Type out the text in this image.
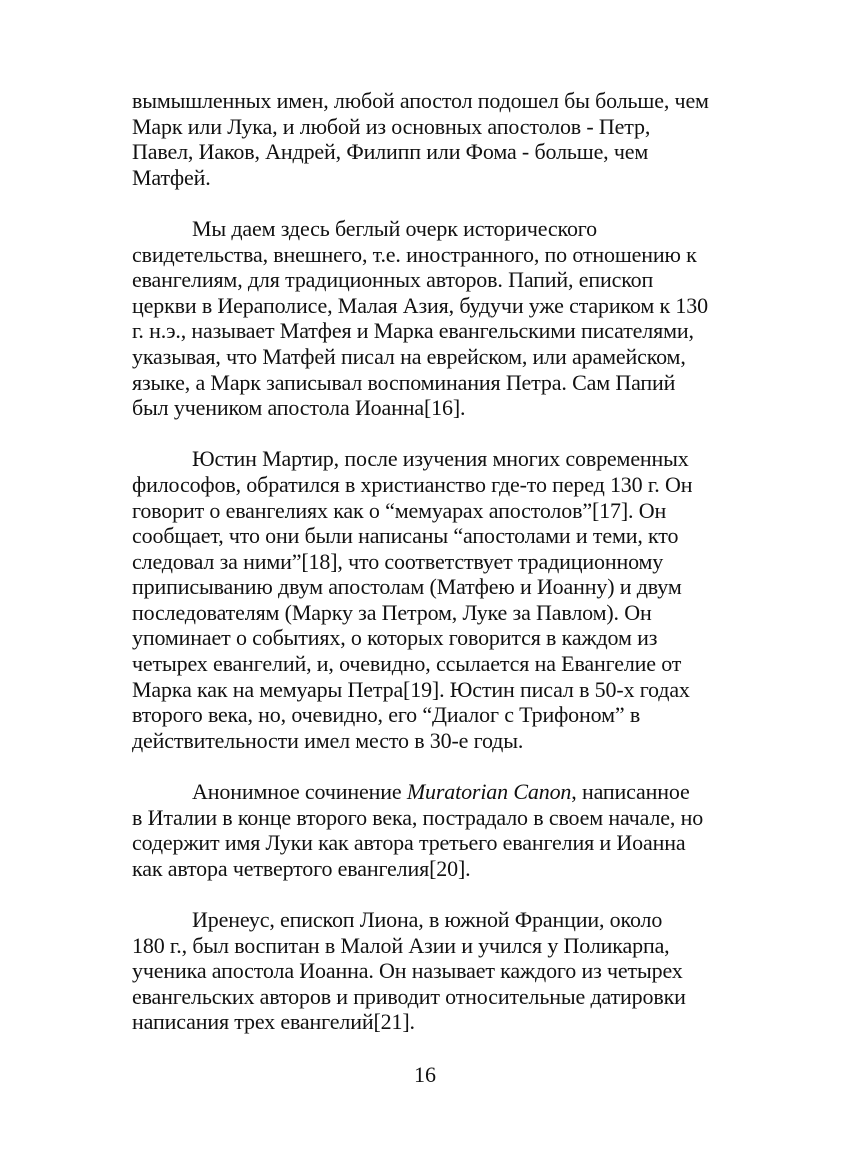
вымышленных имен, любой апостол подошел бы больше, чем
Марк или Лука, и любой из основных апостолов - Петр,
Павел, Иаков, Андрей, Филипп или Фома - больше, чем
Матфей.
Мы даем здесь беглый очерк исторического
свидетельства, внешнего, т.е. иностранного, по отношению к
евангелиям, для традиционных авторов. Папий, епископ
церкви в Иераполисе, Малая Азия, будучи уже стариком к 130
г. н.э., называет Матфея и Марка евангельскими писателями,
указывая, что Матфей писал на еврейском, или арамейском,
языке, а Марк записывал воспоминания Петра. Сам Папий
был учеником апостола Иоанна[16].
Юстин Мартир, после изучения многих современных
философов, обратился в христианство где-то перед 130 г. Он
говорит о евангелиях как о “мемуарах апостолов”[17]. Он
сообщает, что они были написаны “апостолами и теми, кто
следовал за ними”[18], что соответствует традиционному
приписыванию двум апостолам (Матфею и Иоанну) и двум
последователям (Марку за Петром, Луке за Павлом). Он
упоминает о событиях, о которых говорится в каждом из
четырех евангелий, и, очевидно, ссылается на Евангелие от
Марка как на мемуары Петра[19]. Юстин писал в 50-х годах
второго века, но, очевидно, его “Диалог с Трифоном” в
действительности имел место в 30-е годы.
Анонимное сочинение Muratorian Canon, написанное
в Италии в конце второго века, пострадало в своем начале, но
содержит имя Луки как автора третьего евангелия и Иоанна
как автора четвертого евангелия[20].
Иренеус, епископ Лиона, в южной Франции, около
180 г., был воспитан в Малой Азии и учился у Поликарпа,
ученика апостола Иоанна. Он называет каждого из четырех
евангельских авторов и приводит относительные датировки
написания трех евангелий[21].
16
